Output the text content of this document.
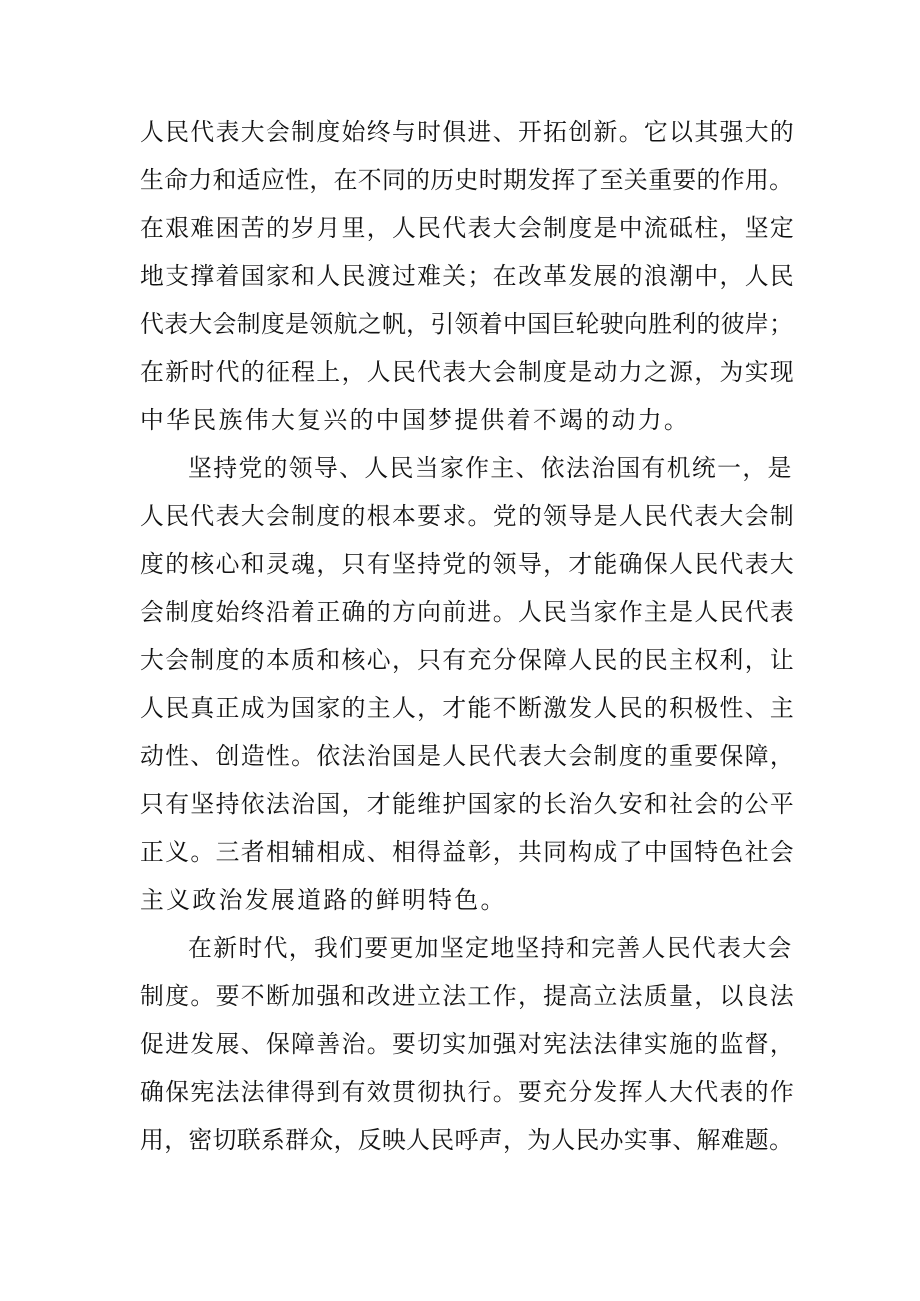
人民代表大会制度始终与时俱进、开拓创新。它以其强大的
生命力和适应性，在不同的历史时期发挥了至关重要的作用。
在艰难困苦的岁月里，人民代表大会制度是中流砥柱，坚定
地支撑着国家和人民渡过难关；在改革发展的浪潮中，人民
代表大会制度是领航之帆，引领着中国巨轮驶向胜利的彼岸；
在新时代的征程上，人民代表大会制度是动力之源，为实现
中华民族伟大复兴的中国梦提供着不竭的动力。

坚持党的领导、人民当家作主、依法治国有机统一，是
人民代表大会制度的根本要求。党的领导是人民代表大会制
度的核心和灵魂，只有坚持党的领导，才能确保人民代表大
会制度始终沿着正确的方向前进。人民当家作主是人民代表
大会制度的本质和核心，只有充分保障人民的民主权利，让
人民真正成为国家的主人，才能不断激发人民的积极性、主
动性、创造性。依法治国是人民代表大会制度的重要保障，
只有坚持依法治国，才能维护国家的长治久安和社会的公平
正义。三者相辅相成、相得益彰，共同构成了中国特色社会
主义政治发展道路的鲜明特色。

在新时代，我们要更加坚定地坚持和完善人民代表大会
制度。要不断加强和改进立法工作，提高立法质量，以良法
促进发展、保障善治。要切实加强对宪法法律实施的监督，
确保宪法法律得到有效贯彻执行。要充分发挥人大代表的作
用，密切联系群众，反映人民呼声，为人民办实事、解难题。
